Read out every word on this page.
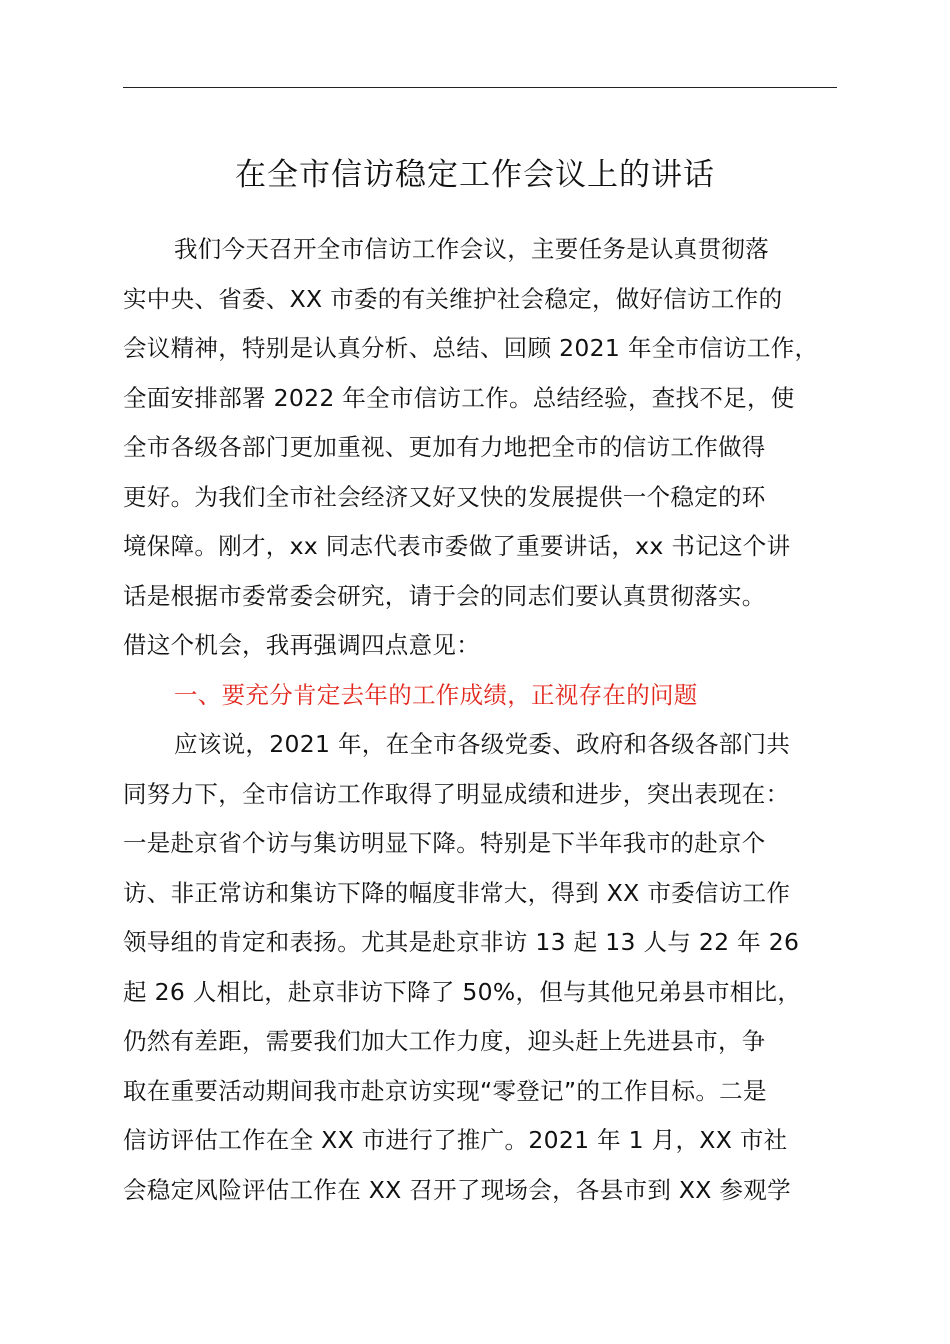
在全市信访稳定工作会议上的讲话
我们今天召开全市信访工作会议，主要任务是认真贯彻落
实中央、省委、XX 市委的有关维护社会稳定，做好信访工作的
会议精神，特别是认真分析、总结、回顾 2021 年全市信访工作，
全面安排部署 2022 年全市信访工作。总结经验，查找不足，使
全市各级各部门更加重视、更加有力地把全市的信访工作做得
更好。为我们全市社会经济又好又快的发展提供一个稳定的环
境保障。刚才，xx 同志代表市委做了重要讲话，xx 书记这个讲
话是根据市委常委会研究，请于会的同志们要认真贯彻落实。
借这个机会，我再强调四点意见：
一、要充分肯定去年的工作成绩，正视存在的问题
应该说，2021 年，在全市各级党委、政府和各级各部门共
同努力下，全市信访工作取得了明显成绩和进步，突出表现在：
一是赴京省个访与集访明显下降。特别是下半年我市的赴京个
访、非正常访和集访下降的幅度非常大，得到 XX 市委信访工作
领导组的肯定和表扬。尤其是赴京非访 13 起 13 人与 22 年 26
起 26 人相比，赴京非访下降了 50%，但与其他兄弟县市相比，
仍然有差距，需要我们加大工作力度，迎头赶上先进县市，争
取在重要活动期间我市赴京访实现“零登记”的工作目标。二是
信访评估工作在全 XX 市进行了推广。2021 年 1 月，XX 市社
会稳定风险评估工作在 XX 召开了现场会，各县市到 XX 参观学
